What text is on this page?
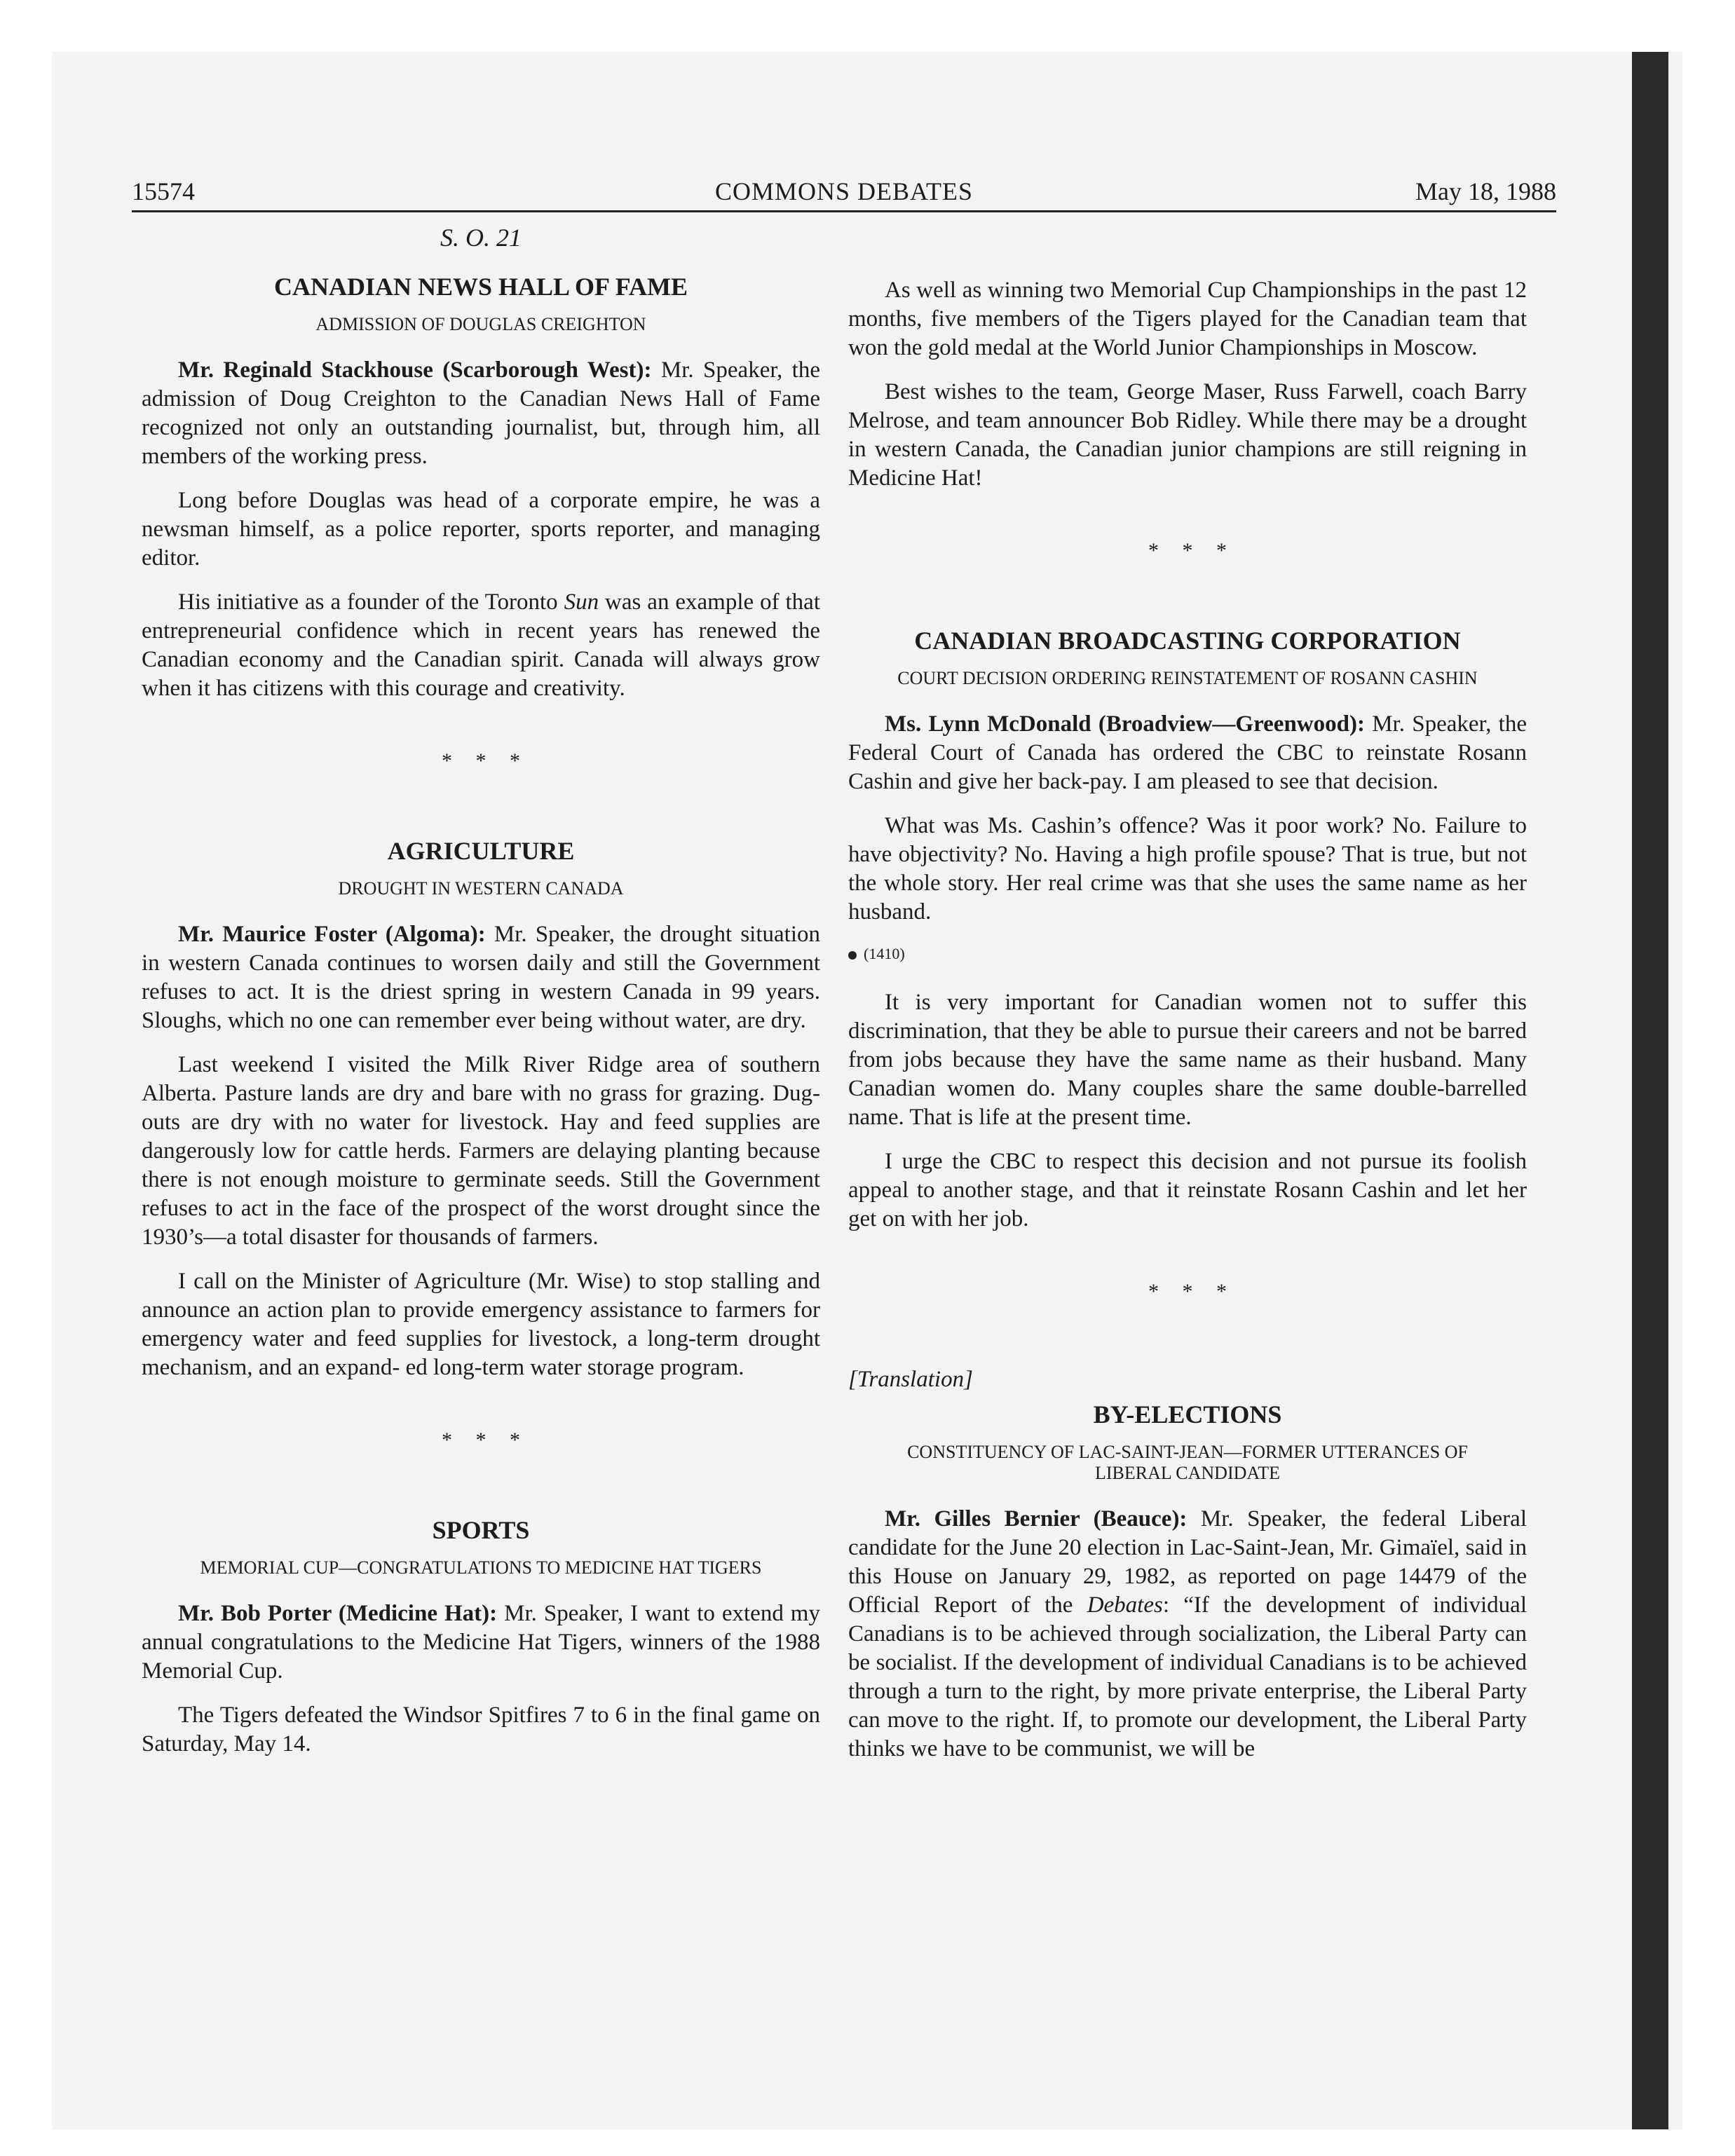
15574	COMMONS DEBATES	May 18, 1988
S. O. 21
CANADIAN NEWS HALL OF FAME
ADMISSION OF DOUGLAS CREIGHTON

Mr. Reginald Stackhouse (Scarborough West): Mr. Speaker, the admission of Doug Creighton to the Canadian News Hall of Fame recognized not only an outstanding journalist, but, through him, all members of the working press.

Long before Douglas was head of a corporate empire, he was a newsman himself, as a police reporter, sports reporter, and managing editor.

His initiative as a founder of the Toronto Sun was an example of that entrepreneurial confidence which in recent years has renewed the Canadian economy and the Canadian spirit. Canada will always grow when it has citizens with this courage and creativity.

* * *
AGRICULTURE
DROUGHT IN WESTERN CANADA

Mr. Maurice Foster (Algoma): Mr. Speaker, the drought situation in western Canada continues to worsen daily and still the Government refuses to act. It is the driest spring in western Canada in 99 years. Sloughs, which no one can remember ever being without water, are dry.

Last weekend I visited the Milk River Ridge area of southern Alberta. Pasture lands are dry and bare with no grass for grazing. Dug-outs are dry with no water for livestock. Hay and feed supplies are dangerously low for cattle herds. Farmers are delaying planting because there is not enough moisture to germinate seeds. Still the Government refuses to act in the face of the prospect of the worst drought since the 1930’s—a total disaster for thousands of farmers.

I call on the Minister of Agriculture (Mr. Wise) to stop stalling and announce an action plan to provide emergency assistance to farmers for emergency water and feed supplies for livestock, a long-term drought mechanism, and an expand- ed long-term water storage program.

* * *
SPORTS
MEMORIAL CUP—CONGRATULATIONS TO MEDICINE HAT TIGERS

Mr. Bob Porter (Medicine Hat): Mr. Speaker, I want to extend my annual congratulations to the Medicine Hat Tigers, winners of the 1988 Memorial Cup.

The Tigers defeated the Windsor Spitfires 7 to 6 in the final game on Saturday, May 14.

As well as winning two Memorial Cup Championships in the past 12 months, five members of the Tigers played for the Canadian team that won the gold medal at the World Junior Championships in Moscow.

Best wishes to the team, George Maser, Russ Farwell, coach Barry Melrose, and team announcer Bob Ridley. While there may be a drought in western Canada, the Canadian junior champions are still reigning in Medicine Hat!

* * *
CANADIAN BROADCASTING CORPORATION
COURT DECISION ORDERING REINSTATEMENT OF ROSANN CASHIN

Ms. Lynn McDonald (Broadview—Greenwood): Mr. Speaker, the Federal Court of Canada has ordered the CBC to reinstate Rosann Cashin and give her back-pay. I am pleased to see that decision.

What was Ms. Cashin’s offence? Was it poor work? No. Failure to have objectivity? No. Having a high profile spouse? That is true, but not the whole story. Her real crime was that she uses the same name as her husband.

(1410)

It is very important for Canadian women not to suffer this discrimination, that they be able to pursue their careers and not be barred from jobs because they have the same name as their husband. Many Canadian women do. Many couples share the same double-barrelled name. That is life at the present time.

I urge the CBC to respect this decision and not pursue its foolish appeal to another stage, and that it reinstate Rosann Cashin and let her get on with her job.

* * *
[Translation]
BY-ELECTIONS
CONSTITUENCY OF LAC-SAINT-JEAN—FORMER UTTERANCES OF LIBERAL CANDIDATE

Mr. Gilles Bernier (Beauce): Mr. Speaker, the federal Liberal candidate for the June 20 election in Lac-Saint-Jean, Mr. Gimaïel, said in this House on January 29, 1982, as reported on page 14479 of the Official Report of the Debates: “If the development of individual Canadians is to be achieved through socialization, the Liberal Party can be socialist. If the development of individual Canadians is to be achieved through a turn to the right, by more private enterprise, the Liberal Party can move to the right. If, to promote our development, the Liberal Party thinks we have to be communist, we will be
